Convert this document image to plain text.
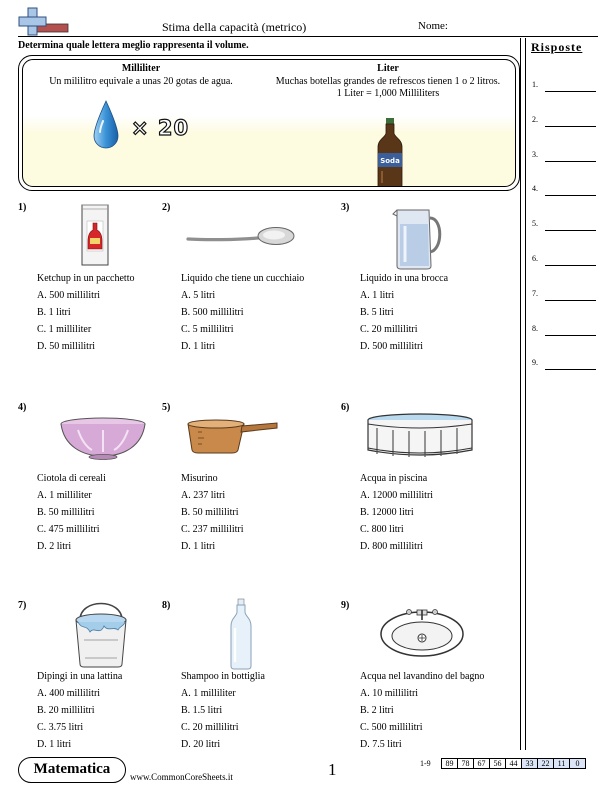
Stima della capacità (metrico)	Nome:
Determina quale lettera meglio rappresenta il volume.	Risposte
1.
2.
3.
4.
5.
6.
7.
8.
9.
Milliliter
Un mililitro equivale a unas 20 gotas de agua.
× 20
Liter
Muchas botellas grandes de refrescos tienen 1 o 2 litros.
1 Liter = 1,000 Milliliters
Soda
1)
Ketchup in un pacchetto
A. 500 millilitri
B. 1 litri
C. 1 milliliter
D. 50 millilitri
2)
Liquido che tiene un cucchiaio
A. 5 litri
B. 500 millilitri
C. 5 millilitri
D. 1 litri
3)
Liquido in una brocca
A. 1 litri
B. 5 litri
C. 20 millilitri
D. 500 millilitri
4)
Ciotola di cereali
A. 1 milliliter
B. 50 millilitri
C. 475 millilitri
D. 2 litri
5)
Misurino
A. 237 litri
B. 50 millilitri
C. 237 millilitri
D. 1 litri
6)
Acqua in piscina
A. 12000 millilitri
B. 12000 litri
C. 800 litri
D. 800 millilitri
7)
Dipingi in una lattina
A. 400 millilitri
B. 20 millilitri
C. 3.75 litri
D. 1 litri
8)
Shampoo in bottiglia
A. 1 milliliter
B. 1.5 litri
C. 20 millilitri
D. 20 litri
9)
Acqua nel lavandino del bagno
A. 10 millilitri
B. 2 litri
C. 500 millilitri
D. 7.5 litri
Matematica	www.CommonCoreSheets.it	1	1-9 89	78	67	56	44	33	22	11	0
